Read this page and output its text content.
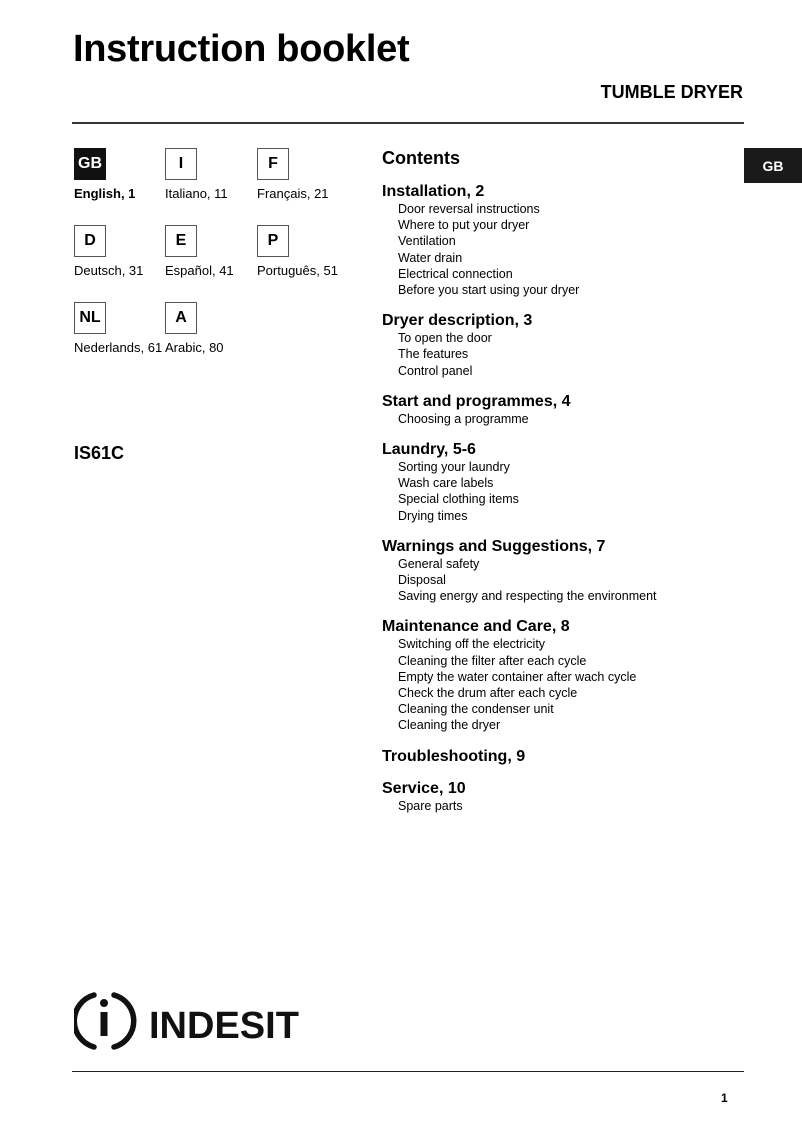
Instruction booklet
TUMBLE DRYER
GB
GB
English, 1
I
Italiano, 11
F
Français, 21
D
Deutsch, 31
E
Español, 41
P
Português, 51
NL
Nederlands, 61
A
Arabic, 80
IS61C
Contents
Installation, 2
Door reversal instructions
Where to put your dryer
Ventilation
Water drain
Electrical connection
Before you start using your dryer
Dryer description, 3
To open the door
The features
Control panel
Start and programmes, 4
Choosing a programme
Laundry, 5-6
Sorting your laundry
Wash care labels
Special clothing items
Drying times
Warnings and Suggestions, 7
General safety
Disposal
Saving energy and respecting the environment
Maintenance and Care, 8
Switching off the electricity
Cleaning the filter after each cycle
Empty the water container after wach cycle
Check the drum after each cycle
Cleaning the condenser unit
Cleaning the dryer
Troubleshooting, 9
Service, 10
Spare parts
INDESIT
1
